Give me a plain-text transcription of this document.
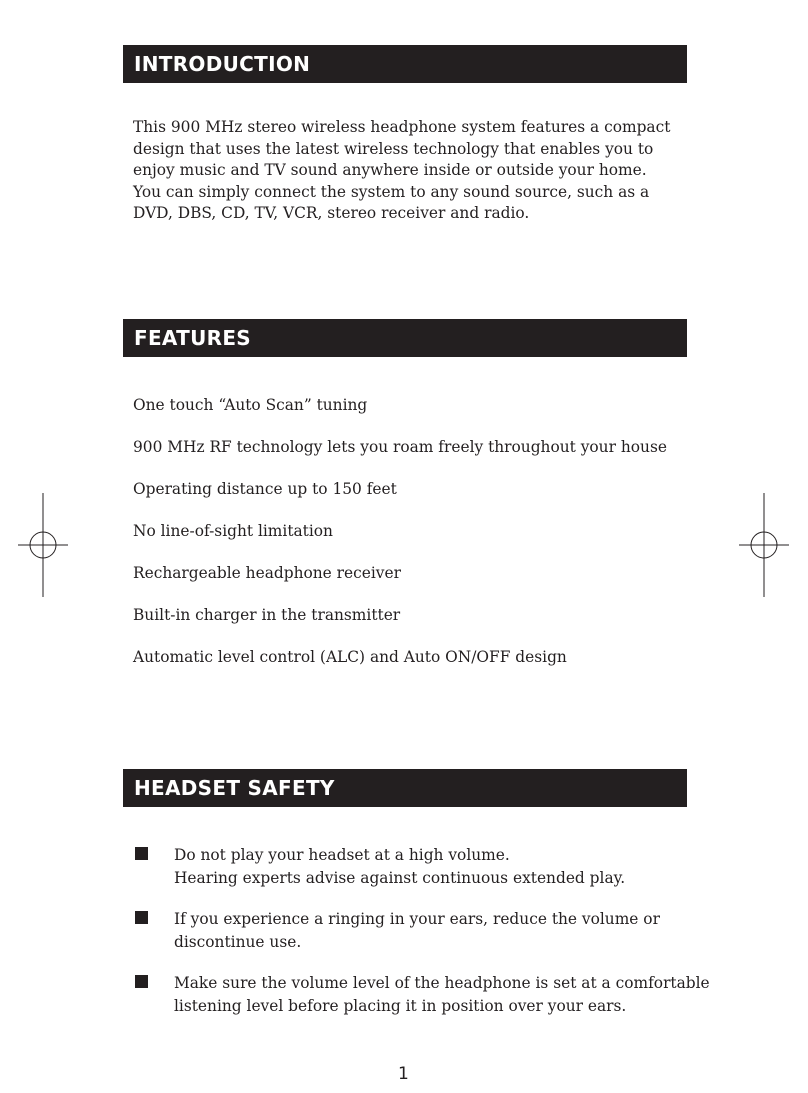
INTRODUCTION
This 900 MHz stereo wireless headphone system features a compact
design that uses the latest wireless technology that enables you to
enjoy music and TV sound anywhere inside or outside your home.
You can simply connect the system to any sound source, such as a
DVD, DBS, CD, TV, VCR, stereo receiver and radio.
FEATURES
One touch “Auto Scan” tuning
900 MHz RF technology lets you roam freely throughout your house
Operating distance up to 150 feet
No line-of-sight limitation
Rechargeable headphone receiver
Built-in charger in the transmitter
Automatic level control (ALC) and Auto ON/OFF design
HEADSET SAFETY
Do not play your headset at a high volume.
Hearing experts advise against continuous extended play.
If you experience a ringing in your ears, reduce the volume or
discontinue use.
Make sure the volume level of the headphone is set at a comfortable
listening level before placing it in position over your ears.
1
